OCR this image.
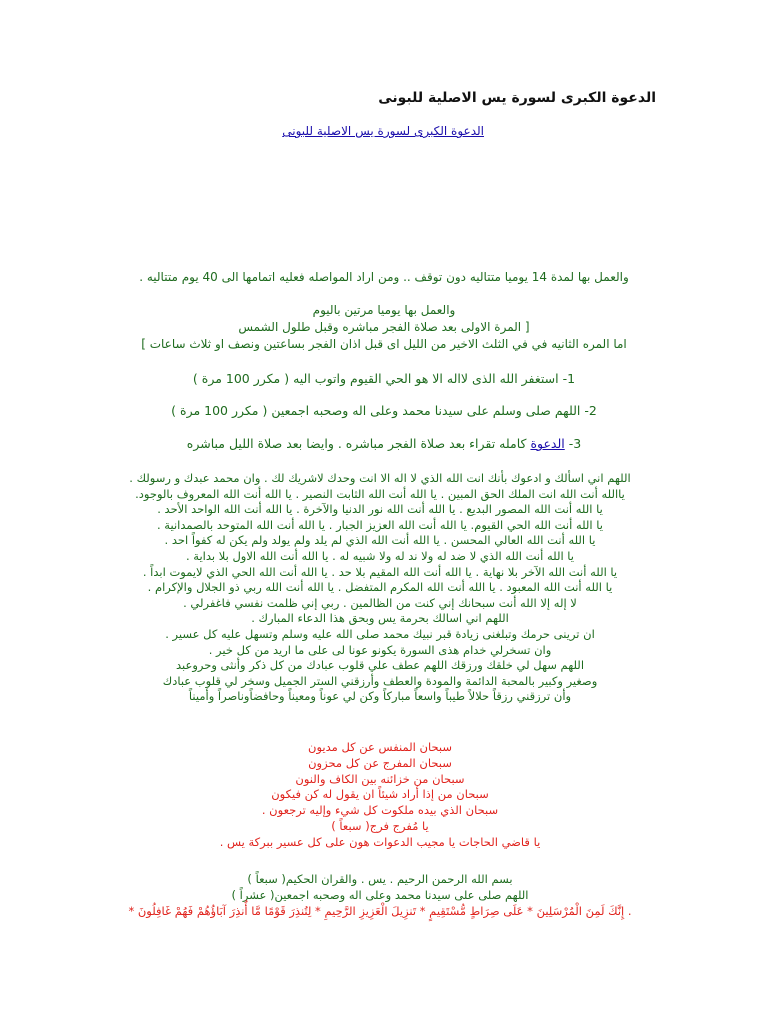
الدعوة الكبرى لسورة يس الاصلية للبونى
الدعوة الكبرى لسورة يس الاصلية للبونى
والعمل بها لمدة 14 يوميا متتاليه دون توقف .. ومن اراد المواصله فعليه اتمامها الى 40 يوم متتاليه .
والعمل بها يوميا مرتين باليوم
[ المرة الاولى بعد صلاة الفجر مباشره وقبل طلول الشمس
اما المره الثانيه في في الثلث الاخير من الليل اى قبل اذان الفجر بساعتين ونصف او ثلاث ساعات ]
1- استغفر الله الذى لااله الا هو الحي القيوم واتوب اليه ( مكرر 100 مرة )
2- اللهم صلى وسلم على سيدنا محمد وعلى اله وصحبه اجمعين ( مكرر 100 مرة )
3- الدعوة كامله تقراء بعد صلاة الفجر مباشره . وايضا بعد صلاة الليل مباشره
اللهم اني اسألك و ادعوك بأنك انت الله الذي لا اله الا انت وحدك لاشريك لك . وان محمد عبدك و رسولك .
ياالله أنت الله انت الملك الحق المبين . يا الله أنت الله الثابت النصير . يا الله أنت الله المعروف بالوجود.
يا الله أنت الله المصور البديع . يا الله أنت الله نور الدنيا والآخرة . يا الله أنت الله الواحد الأحد .
يا الله أنت الله الحي القيوم. يا الله أنت الله العزيز الجبار . يا الله أنت الله المتوحد بالصمدانية .
يا الله أنت الله العالي المحسن . يا الله أنت الله الذي لم يلد ولم يولد ولم يكن له كفواً احد .
يا الله أنت الله الذي لا ضد له ولا ند له ولا شبيه له . يا الله أنت الله الاول بلا بداية .
يا الله أنت الله الآخر بلا نهاية . يا الله أنت الله المقيم بلا حد . يا الله أنت الله الحي الذي لايموت ابداً .
يا الله أنت الله المعبود . يا الله أنت الله المكرم المتفضل . يا الله أنت الله ربي ذو الجلال والإكرام .
لا إله إلا الله أنت سبحانك إني كنت من الظالمين . ربي إني ظلمت نفسي فاغفرلي .
اللهم اني اسالك بحرمة يس وبحق هذا الدعاء المبارك .
ان ترينى حرمك وتبلغنى زيادة قبر نبيك محمد صلى الله عليه وسلم وتسهل عليه كل عسير .
وان تسخرلي خدام هذى السورة يكونو عونا لى على ما اريد من كل خير .
اللهم سهل لي خلقك ورزقك اللهم عطف علي قلوب عبادك من كل ذكر وأنثى وحروعبد
وصغير وكبير بالمحبة الدائمة والمودة والعطف وأرزقني الستر الجميل وسخر لي قلوب عبادك
وأن ترزقني رزقاً حلالاً طيباً واسعاً مباركاً وكن لي عوناً ومعيناً وحافضاًوناصراً وأميناً
سبحان المنفس عن كل مديون
سبحان المفرج عن كل محزون
سبحان من خزائنه بين الكاف والنون
سبحان من إذا أراد شيئاً ان يقول له كن فيكون
سبحان الذي بيده ملكوت كل شيء وإليه ترجعون .
يا مُفرج فرج( سبعاً )
يا قاضي الحاجات يا مجيب الدعوات هون على كل عسير ببركة يس .
بسم الله الرحمن الرحيم . يس . والقران الحكيم( سبعاً )
اللهم صلى على سيدنا محمد وعلى اله وصحبه اجمعين( عشراً )
. إِنَّكَ لَمِنَ الْمُرْسَلِينَ * عَلَى صِرَاطٍ مُّسْتَقِيمٍ * تَنزِيلَ الْعَزِيزِ الرَّحِيمِ * لِتُنذِرَ قَوْمًا مَّا أُنذِرَ آبَاؤُهُمْ فَهُمْ غَافِلُونَ *
